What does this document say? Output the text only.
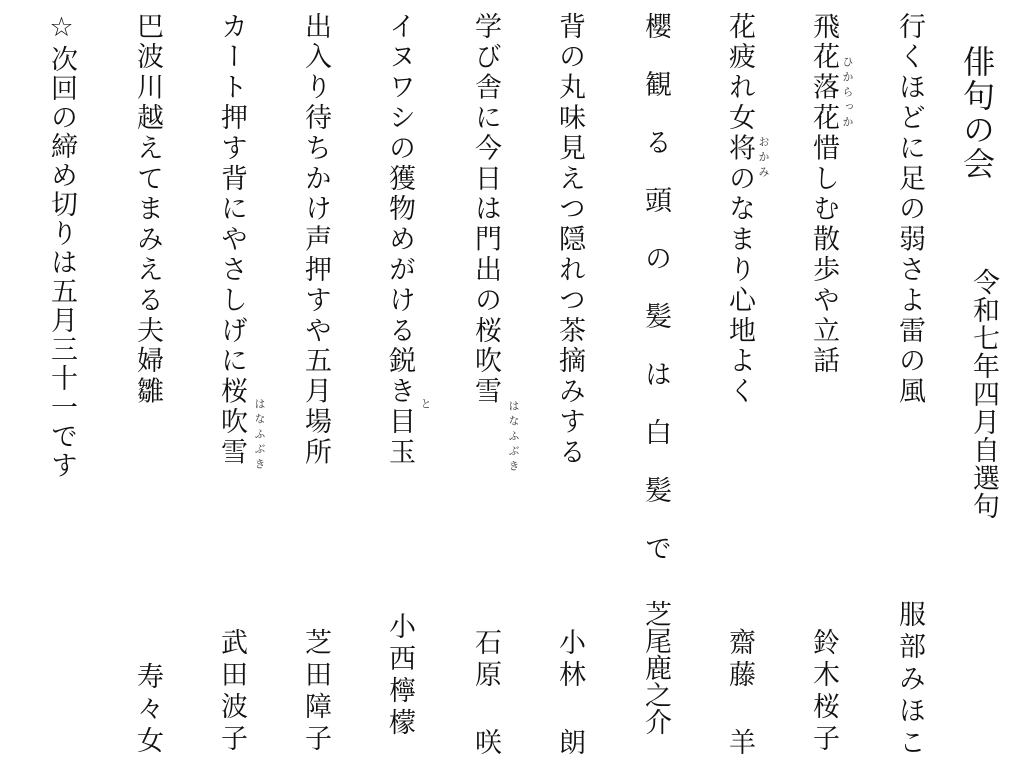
俳句の会
令和七年四月自選句
行くほどに足の弱さよ雷の風
服部みほこ
ひからっか
飛花落花惜しむ散歩や立話
鈴木桜子
おかみ
花疲れ女将のなまり心地よく
齋藤 羊
櫻 観 る 頭 の 髪 は 白 髪 で
芝尾鹿之介
背の丸味見えつ隠れつ茶摘みする
小林 朗
はなふぶき
学び舎に今日は門出の桜吹雪
石原 咲
と
イヌワシの獲物めがける鋭き目玉
小西檸檬
出入り待ちかけ声押すや五月場所
芝田障子
はなふぶき
カート押す背にやさしげに桜吹雪
武田波子
巴波川越えてまみえる夫婦雛
寿々女
☆次回の締め切りは五月三十一です
